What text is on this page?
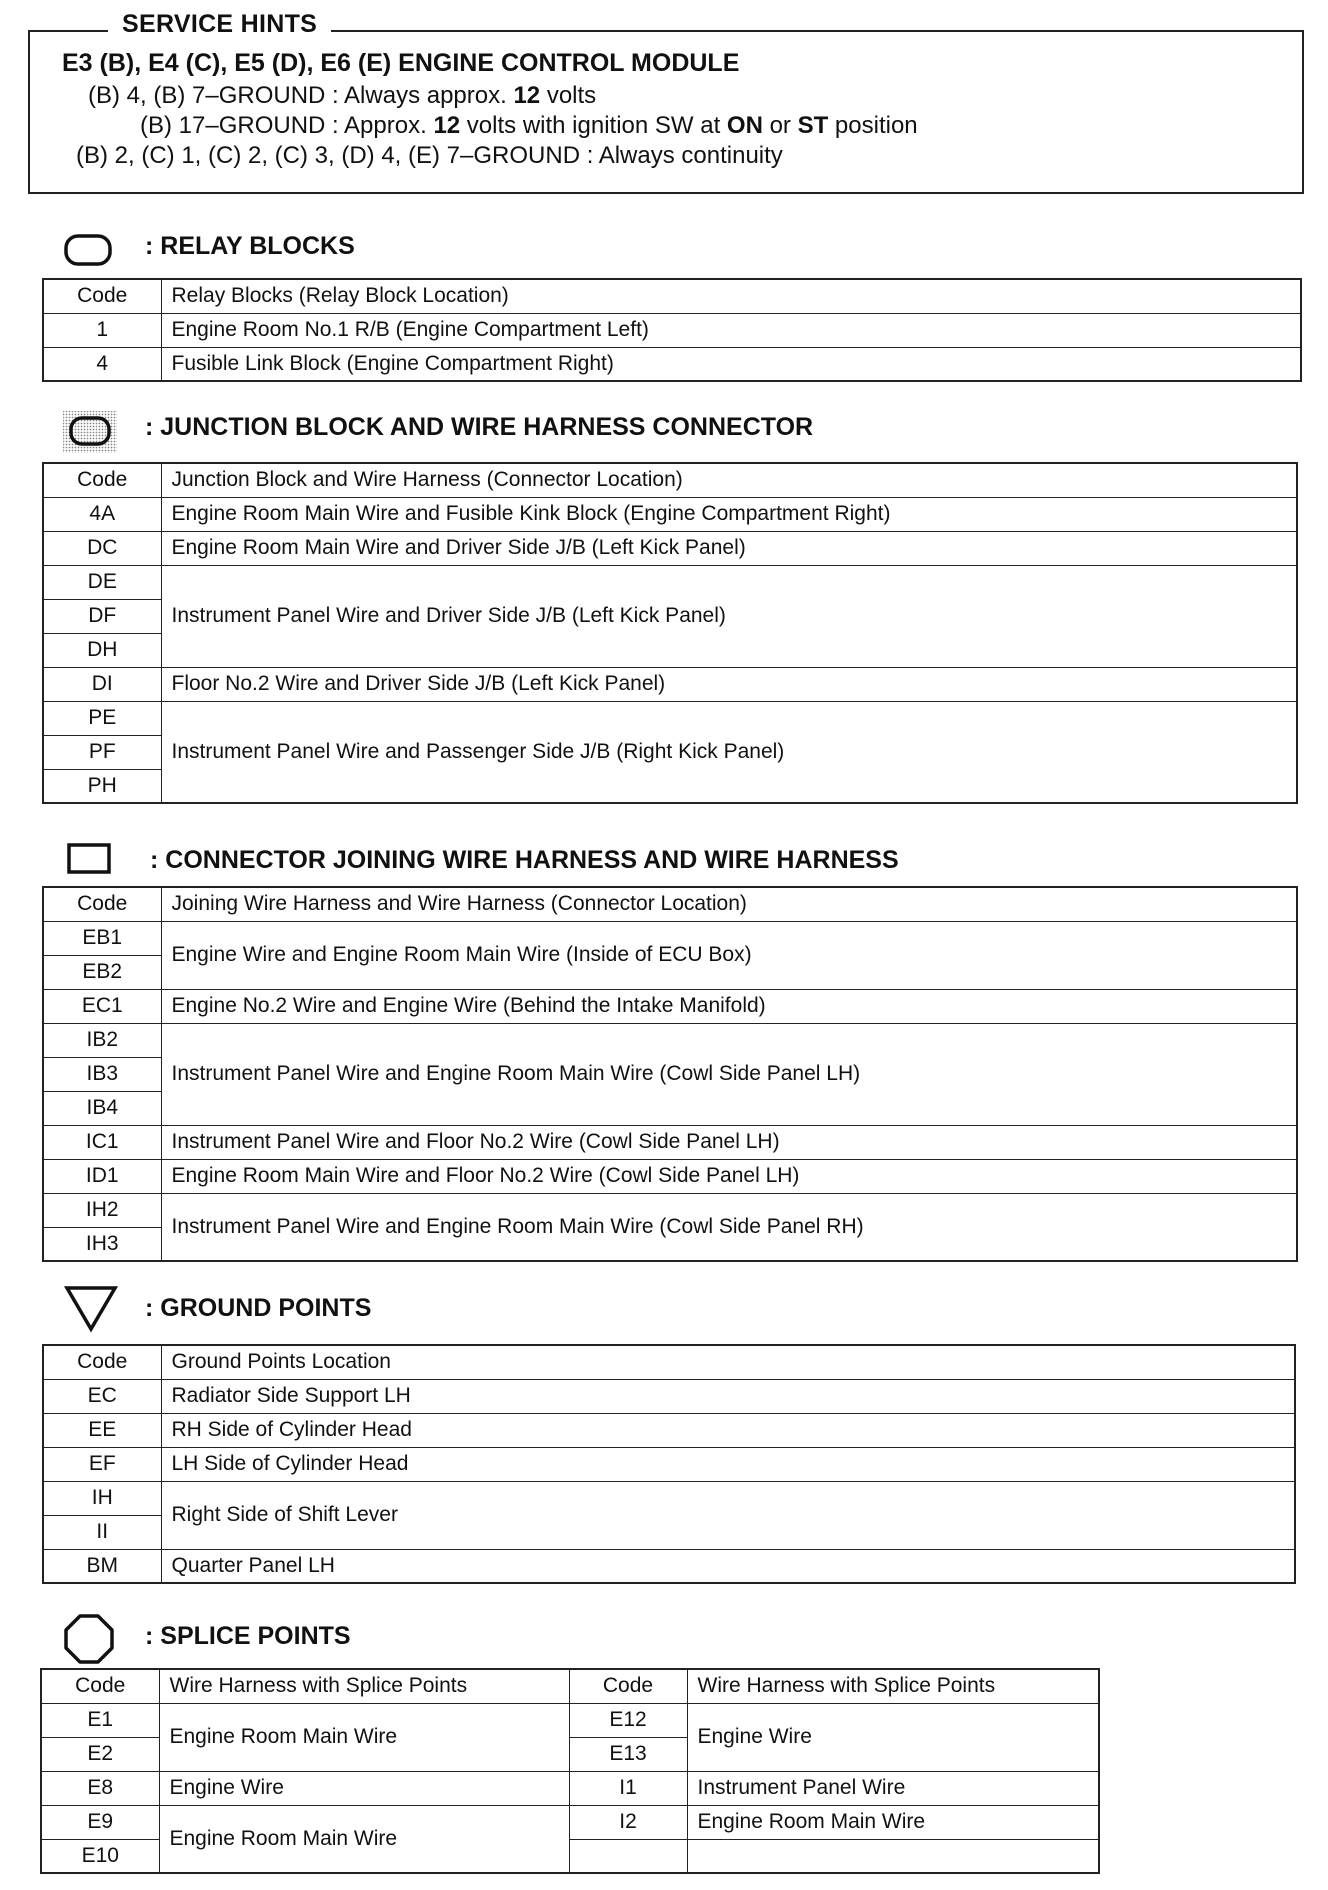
SERVICE HINTS
E3 (B), E4 (C), E5 (D), E6 (E) ENGINE CONTROL MODULE
(B) 4, (B) 7–GROUND : Always approx. 12 volts
(B) 17–GROUND : Approx. 12 volts with ignition SW at ON or ST position
(B) 2, (C) 1, (C) 2, (C) 3, (D) 4, (E) 7–GROUND : Always continuity
: RELAY BLOCKS
Code	Relay Blocks (Relay Block Location)
1	Engine Room No.1 R/B (Engine Compartment Left)
4	Fusible Link Block (Engine Compartment Right)
: JUNCTION BLOCK AND WIRE HARNESS CONNECTOR
Code	Junction Block and Wire Harness (Connector Location)
4A	Engine Room Main Wire and Fusible Kink Block (Engine Compartment Right)
DC	Engine Room Main Wire and Driver Side J/B (Left Kick Panel)
DE	Instrument Panel Wire and Driver Side J/B (Left Kick Panel)
DF	
DH	
DI	Floor No.2 Wire and Driver Side J/B (Left Kick Panel)
PE	Instrument Panel Wire and Passenger Side J/B (Right Kick Panel)
PF	
PH	
: CONNECTOR JOINING WIRE HARNESS AND WIRE HARNESS
Code	Joining Wire Harness and Wire Harness (Connector Location)
EB1	Engine Wire and Engine Room Main Wire (Inside of ECU Box)
EB2	
EC1	Engine No.2 Wire and Engine Wire (Behind the Intake Manifold)
IB2	Instrument Panel Wire and Engine Room Main Wire (Cowl Side Panel LH)
IB3	
IB4	
IC1	Instrument Panel Wire and Floor No.2 Wire (Cowl Side Panel LH)
ID1	Engine Room Main Wire and Floor No.2 Wire (Cowl Side Panel LH)
IH2	Instrument Panel Wire and Engine Room Main Wire (Cowl Side Panel RH)
IH3	
: GROUND POINTS
Code	Ground Points Location
EC	Radiator Side Support LH
EE	RH Side of Cylinder Head
EF	LH Side of Cylinder Head
IH	Right Side of Shift Lever
II	
BM	Quarter Panel LH
: SPLICE POINTS
Code	Wire Harness with Splice Points	Code	Wire Harness with Splice Points
E1	Engine Room Main Wire	E12	Engine Wire
E2		E13	
E8	Engine Wire	I1	Instrument Panel Wire
E9	Engine Room Main Wire	I2	Engine Room Main Wire
E10			
